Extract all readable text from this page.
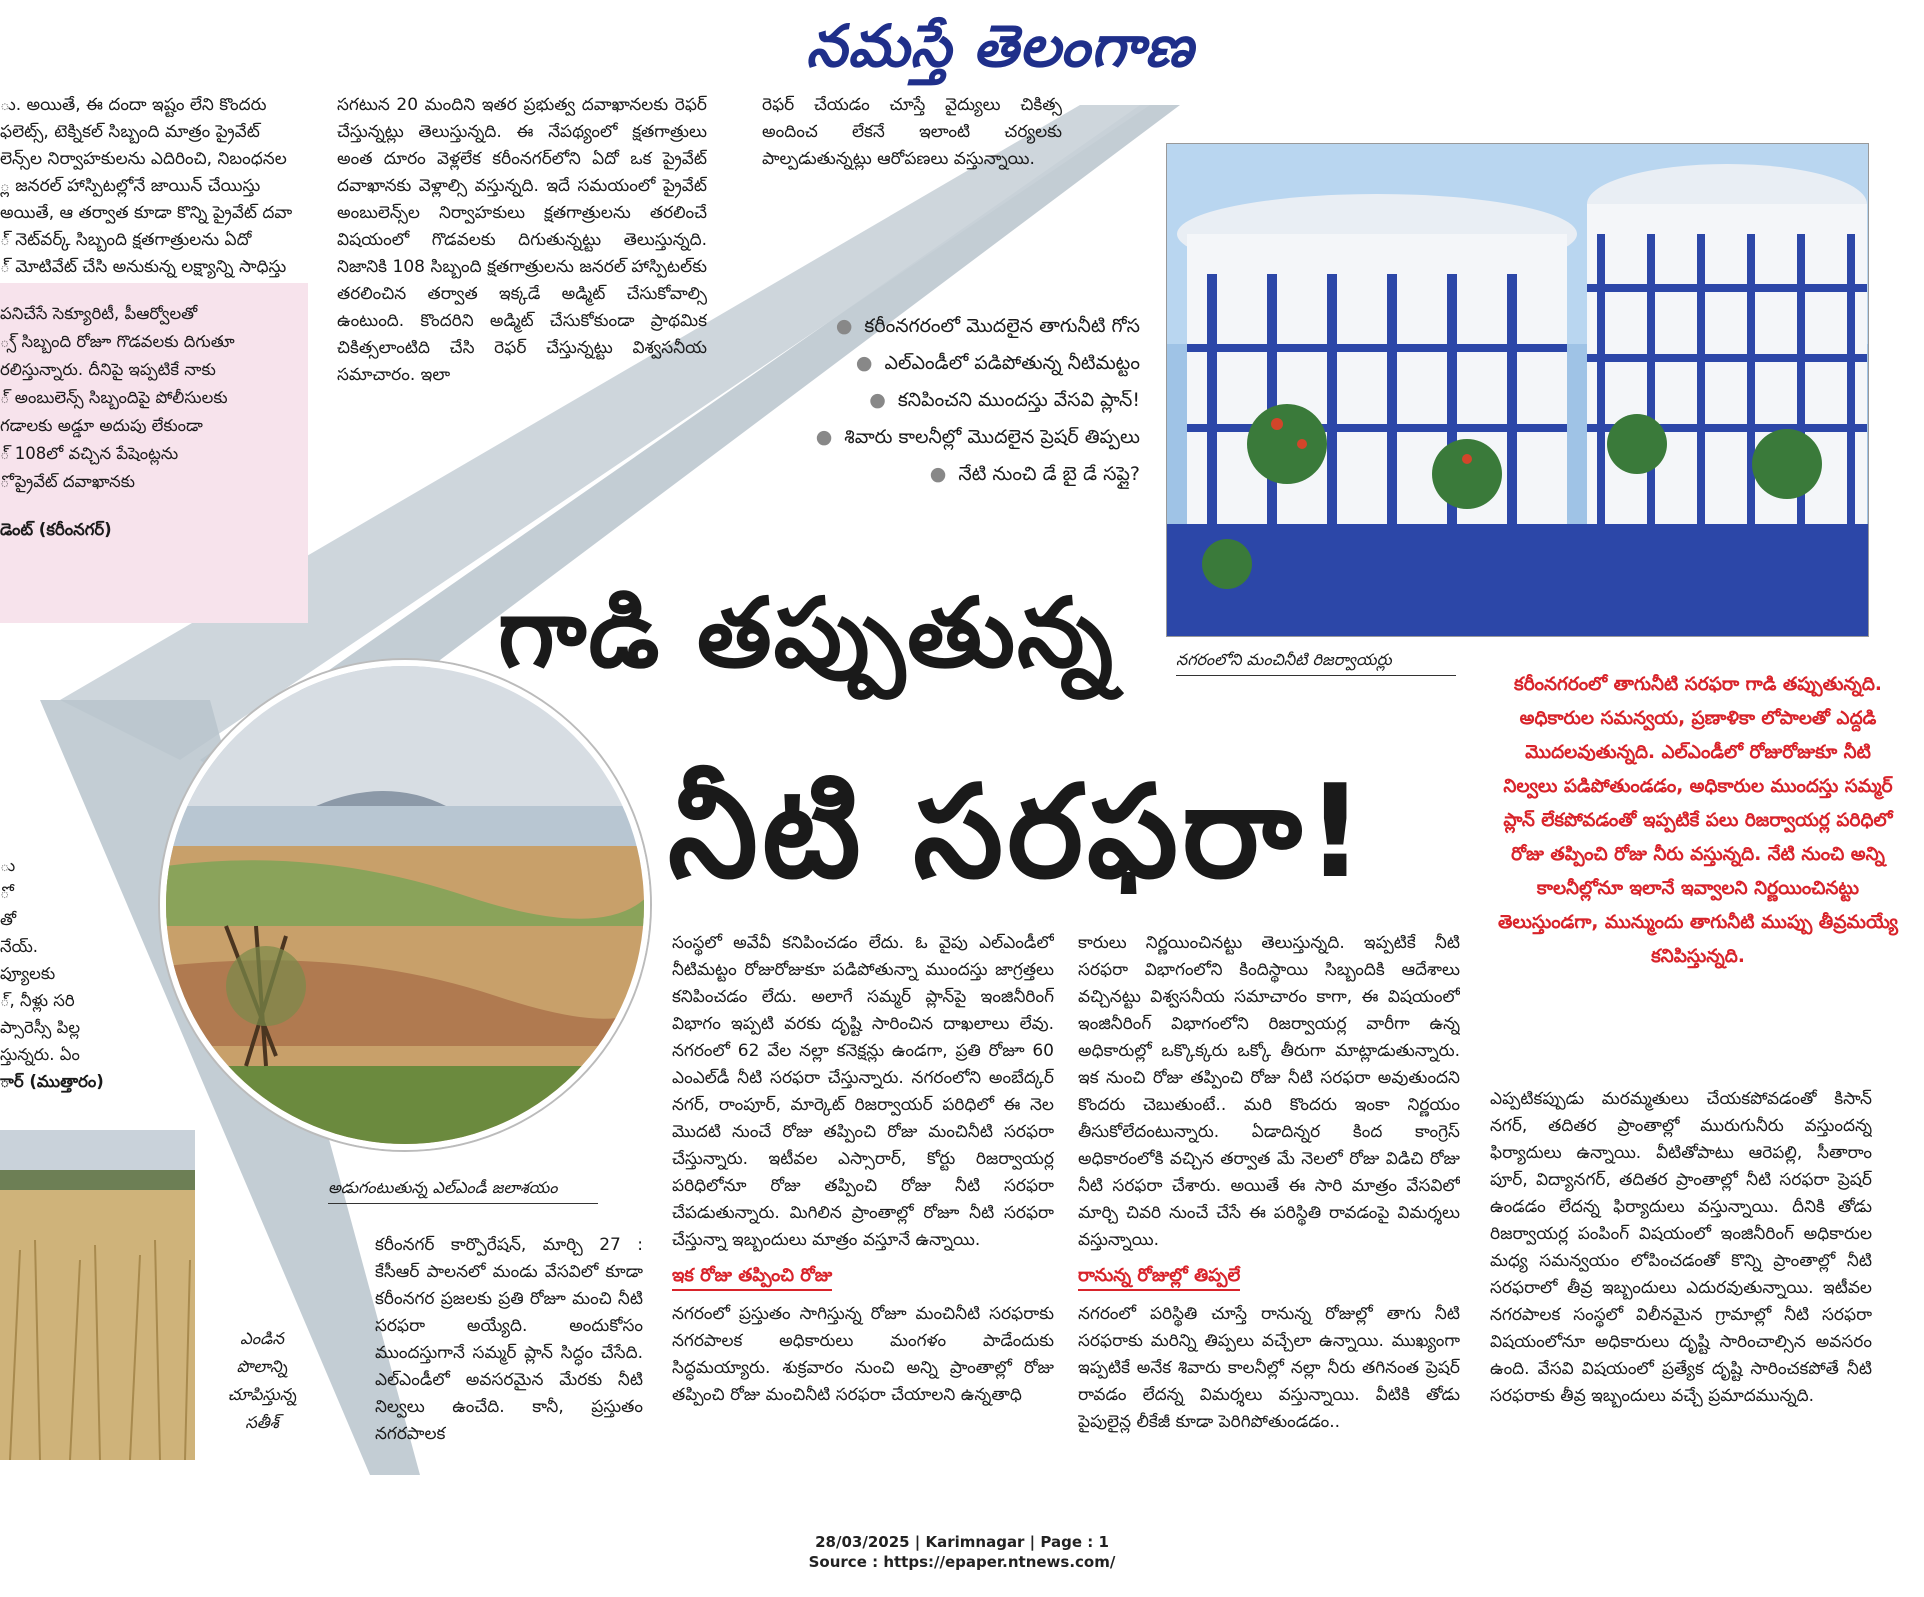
నమస్తే తెలంగాణ

ు. అయితే, ఈ దందా ఇష్టం లేని కొందరు

ఫలెట్స్, టెక్నికల్ సిబ్బంది మాత్రం ప్రైవేట్

లెన్స్‌ల నిర్వాహకులను ఎదిరించి, నిబంధనల

్ల జనరల్ హాస్పిటల్లోనే జాయిన్ చేయిస్తు

అయితే, ఆ తర్వాత కూడా కొన్ని ప్రైవేట్ దవా

్ నెట్‌వర్క్ సిబ్బంది క్షతగాత్రులను ఏదో

్ మోటివేట్ చేసి అనుకున్న లక్ష్యాన్ని సాధిస్తు

పనిచేసే సెక్యూరిటీ, పీఆర్వోలతో

్స్ సిబ్బంది రోజూ గొడవలకు దిగుతూ

రలిస్తున్నారు. దీనిపై ఇప్పటికే నాకు

్ అంబులెన్స్ సిబ్బందిపై పోలీసులకు

గడాలకు అడ్డూ అదుపు లేకుండా

్ 108లో వచ్చిన పేషెంట్లను

ో ప్రైవేట్ దవాఖానకు

డెంట్ (కరీంనగర్)

సగటున 20 మందిని ఇతర ప్రభుత్వ దవాఖానలకు రెఫర్ చేస్తున్నట్లు తెలుస్తున్నది. ఈ నేపథ్యంలో క్షతగాత్రులు అంత దూరం వెళ్లలేక కరీంనగర్‌లోని ఏదో ఒక ప్రైవేట్ దవాఖానకు వెళ్లాల్సి వస్తున్నది. ఇదే సమయంలో ప్రైవేట్ అంబులెన్స్‌ల నిర్వాహకులు క్షతగాత్రులను తరలించే విషయంలో గొడవలకు దిగుతున్నట్టు తెలుస్తున్నది. నిజానికి 108 సిబ్బంది క్షతగాత్రులను జనరల్ హాస్పిటల్‌కు తరలించిన తర్వాత ఇక్కడే అడ్మిట్ చేసుకోవాల్సి ఉంటుంది. కొందరిని అడ్మిట్ చేసుకోకుండా ప్రాథమిక చికిత్సలాంటిది చేసి రెఫర్ చేస్తున్నట్టు విశ్వసనీయ సమాచారం. ఇలా

రెఫర్ చేయడం చూస్తే వైద్యులు చికిత్స అందించ లేకనే ఇలాంటి చర్యలకు పాల్పడుతున్నట్లు ఆరోపణలు వస్తున్నాయి.

● కరీంనగరంలో మొదలైన తాగునీటి గోస
● ఎల్‌ఎండీలో పడిపోతున్న నీటిమట్టం
● కనిపించని ముందస్తు వేసవి ప్లాన్!
● శివారు కాలనీల్లో మొదలైన ప్రెషర్ తిప్పలు
● నేటి నుంచి డే బై డే సప్లై?
నగరంలోని మంచినీటి రిజర్వాయర్లు
గాడి తప్పుతున్న
నీటి సరఫరా!
కరీంనగరంలో తాగునీటి సరఫరా గాడి తప్పుతున్నది. అధికారుల సమన్వయ, ప్రణాళికా లోపాలతో ఎద్దడి మొదలవుతున్నది. ఎల్‌ఎండీలో రోజురోజుకూ నీటి నిల్వలు పడిపోతుండడం, అధికారుల ముందస్తు సమ్మర్ ప్లాన్ లేకపోవడంతో ఇప్పటికే పలు రిజర్వాయర్ల పరిధిలో రోజు తప్పించి రోజు నీరు వస్తున్నది. నేటి నుంచి అన్ని కాలనీల్లోనూ ఇలానే ఇవ్వాలని నిర్ణయించినట్టు తెలుస్తుండగా, మున్ముందు తాగునీటి ముప్పు తీవ్రమయ్యే కనిపిస్తున్నది.
అడుగంటుతున్న ఎల్‌ఎండీ జలాశయం

ు

ో

తో

నేయ్.

ప్యూలకు

్, నీళ్లు సరి

ప్సారెస్సీ పిల్ల

స్తున్నరు. ఏం

ార్ (ముత్తారం)

ఎండిన పొలాన్ని చూపిస్తున్న సతీశ్

కరీంనగర్ కార్పొరేషన్, మార్చి 27 : కేసీఆర్ పాలనలో మండు వేసవిలో కూడా కరీంనగర ప్రజలకు ప్రతి రోజూ మంచి నీటి సరఫరా అయ్యేది. అందుకోసం ముందస్తుగానే సమ్మర్ ప్లాన్ సిద్ధం చేసేది. ఎల్‌ఎండీలో అవసరమైన మేరకు నీటి నిల్వలు ఉంచేది. కానీ, ప్రస్తుతం నగరపాలక

సంస్థలో అవేవీ కనిపించడం లేదు. ఓ వైపు ఎల్‌ఎండీలో నీటిమట్టం రోజురోజుకూ పడిపోతున్నా ముందస్తు జాగ్రత్తలు కనిపించడం లేదు. అలాగే సమ్మర్ ప్లాన్‌పై ఇంజినీరింగ్ విభాగం ఇప్పటి వరకు దృష్టి సారించిన దాఖలాలు లేవు. నగరంలో 62 వేల నల్లా కనెక్షన్లు ఉండగా, ప్రతి రోజూ 60 ఎంఎల్‌డీ నీటి సరఫరా చేస్తున్నారు. నగరంలోని అంబేద్కర్ నగర్, రాంపూర్, మార్కెట్ రిజర్వాయర్ పరిధిలో ఈ నెల మొదటి నుంచే రోజు తప్పించి రోజు మంచినీటి సరఫరా చేస్తున్నారు. ఇటీవల ఎస్సారార్, కోర్టు రిజర్వాయర్ల పరిధిలోనూ రోజు తప్పించి రోజు నీటి సరఫరా చేపడుతున్నారు. మిగిలిన ప్రాంతాల్లో రోజూ నీటి సరఫరా చేస్తున్నా ఇబ్బందులు మాత్రం వస్తూనే ఉన్నాయి.

ఇక రోజు తప్పించి రోజు

నగరంలో ప్రస్తుతం సాగిస్తున్న రోజూ మంచినీటి సరఫరాకు నగరపాలక అధికారులు మంగళం పాడేందుకు సిద్ధమయ్యారు. శుక్రవారం నుంచి అన్ని ప్రాంతాల్లో రోజు తప్పించి రోజు మంచినీటి సరఫరా చేయాలని ఉన్నతాధి

కారులు నిర్ణయించినట్టు తెలుస్తున్నది. ఇప్పటికే నీటి సరఫరా విభాగంలోని కిందిస్థాయి సిబ్బందికి ఆదేశాలు వచ్చినట్టు విశ్వసనీయ సమాచారం కాగా, ఈ విషయంలో ఇంజినీరింగ్ విభాగంలోని రిజర్వాయర్ల వారీగా ఉన్న అధికారుల్లో ఒక్కొక్కరు ఒక్కో తీరుగా మాట్లాడుతున్నారు. ఇక నుంచి రోజు తప్పించి రోజు నీటి సరఫరా అవుతుందని కొందరు చెబుతుంటే.. మరి కొందరు ఇంకా నిర్ణయం తీసుకోలేదంటున్నారు. ఏడాదిన్నర కింద కాంగ్రెస్ అధికారంలోకి వచ్చిన తర్వాత మే నెలలో రోజు విడిచి రోజు నీటి సరఫరా చేశారు. అయితే ఈ సారి మాత్రం వేసవిలో మార్చి చివరి నుంచే చేసే ఈ పరిస్థితి రావడంపై విమర్శలు వస్తున్నాయి.

రానున్న రోజుల్లో తిప్పలే

నగరంలో పరిస్థితి చూస్తే రానున్న రోజుల్లో తాగు నీటి సరఫరాకు మరిన్ని తిప్పలు వచ్చేలా ఉన్నాయి. ముఖ్యంగా ఇప్పటికే అనేక శివారు కాలనీల్లో నల్లా నీరు తగినంత ప్రెషర్ రావడం లేదన్న విమర్శలు వస్తున్నాయి. వీటికి తోడు పైపులైన్ల లీకేజీ కూడా పెరిగిపోతుండడం..

ఎప్పటికప్పుడు మరమ్మతులు చేయకపోవడంతో కిసాన్ నగర్, తదితర ప్రాంతాల్లో మురుగునీరు వస్తుందన్న ఫిర్యాదులు ఉన్నాయి. వీటితోపాటు ఆరెపల్లి, సీతారాం పూర్, విద్యానగర్, తదితర ప్రాంతాల్లో నీటి సరఫరా ప్రెషర్ ఉండడం లేదన్న ఫిర్యాదులు వస్తున్నాయి. దీనికి తోడు రిజర్వాయర్ల పంపింగ్ విషయంలో ఇంజినీరింగ్ అధికారుల మధ్య సమన్వయం లోపించడంతో కొన్ని ప్రాంతాల్లో నీటి సరఫరాలో తీవ్ర ఇబ్బందులు ఎదురవుతున్నాయి. ఇటీవల నగరపాలక సంస్థలో విలీనమైన గ్రామాల్లో నీటి సరఫరా విషయంలోనూ అధికారులు దృష్టి సారించాల్సిన అవసరం ఉంది. వేసవి విషయంలో ప్రత్యేక దృష్టి సారించకపోతే నీటి సరఫరాకు తీవ్ర ఇబ్బందులు వచ్చే ప్రమాదమున్నది.

28/03/2025 | Karimnagar | Page : 1
Source : https://epaper.ntnews.com/
